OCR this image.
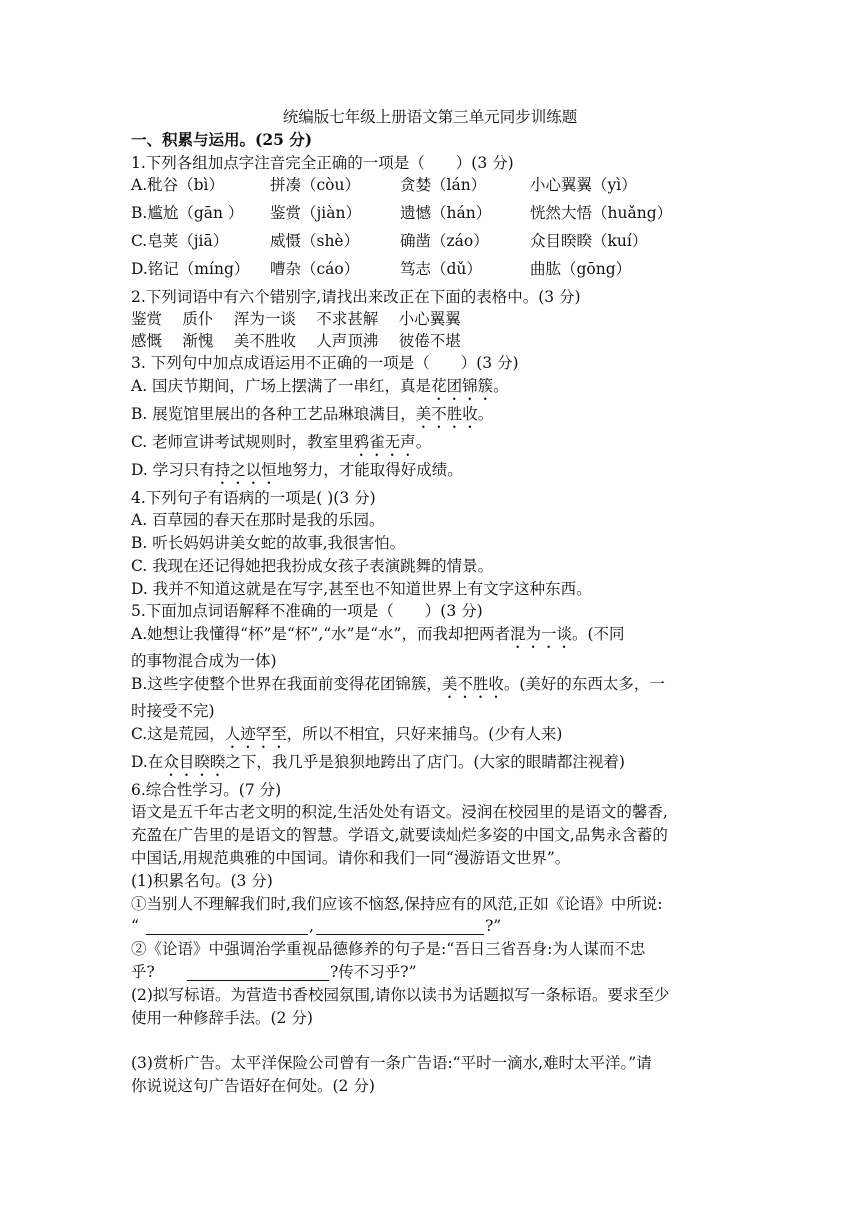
统编版七年级上册语文第三单元同步训练题
一、积累与运用。(25 分)
1.下列各组加点字注音完全正确的一项是（　　）(3 分)
A.秕谷（bì）	拼凑（còu）	贪婪（lán）	小心翼翼（yì）
B.尴尬（gān ） 鉴赏（jiàn）	遗憾（hán）	恍然大悟（huǎng）
C.皂荚（jiā）	威慑（shè）	确凿（záo）	众目睽睽（kuí）
D.铭记（míng） 嘈杂（cáo）	笃志（dǔ）	曲肱（gōng）
2.下列词语中有六个错别字,请找出来改正在下面的表格中。(3 分)
鉴赏　 质仆　 浑为一谈　 不求甚解　 小心翼翼
感慨　 渐愧　 美不胜收　 人声顶沸　 彼倦不堪
3. 下列句中加点成语运用不正确的一项是（　　）(3 分)
A. 国庆节期间，广场上摆满了一串红，真是花团锦簇。
B. 展览馆里展出的各种工艺品琳琅满目，美不胜收。
C. 老师宣讲考试规则时，教室里鸦雀无声。
D. 学习只有持之以恒地努力，才能取得好成绩。
4.下列句子有语病的一项是( )(3 分)
A. 百草园的春天在那时是我的乐园。
B. 听长妈妈讲美女蛇的故事,我很害怕。
C. 我现在还记得她把我扮成女孩子表演跳舞的情景。
D. 我并不知道这就是在写字,甚至也不知道世界上有文字这种东西。
5.下面加点词语解释不准确的一项是（　　）(3 分)
A.她想让我懂得“杯”是“杯”,“水”是“水”，而我却把两者混为一谈。(不同
的事物混合成为一体)
B.这些字使整个世界在我面前变得花团锦簇，美不胜收。(美好的东西太多，一
时接受不完)
C.这是荒园，人迹罕至，所以不相宜，只好来捕鸟。(少有人来)
D.在众目睽睽之下，我几乎是狼狈地跨出了店门。(大家的眼睛都注视着)
6.综合性学习。(7 分)
语文是五千年古老文明的积淀,生活处处有语文。浸润在校园里的是语文的馨香,
充盈在广告里的是语文的智慧。学语文,就要读灿烂多姿的中国文,品隽永含蓄的
中国话,用规范典雅的中国词。请你和我们一同“漫游语文世界”。
(1)积累名句。(3 分)
①当别人不理解我们时,我们应该不恼怒,保持应有的风范,正如《论语》中所说:
“	,	?”
②《论语》中强调治学重视品德修养的句子是:“吾日三省吾身:为人谋而不忠
乎?	?传不习乎?”
(2)拟写标语。为营造书香校园氛围,请你以读书为话题拟写一条标语。要求至少
使用一种修辞手法。(2 分)
(3)赏析广告。太平洋保险公司曾有一条广告语:“平时一滴水,难时太平洋。”请
你说说这句广告语好在何处。(2 分)
